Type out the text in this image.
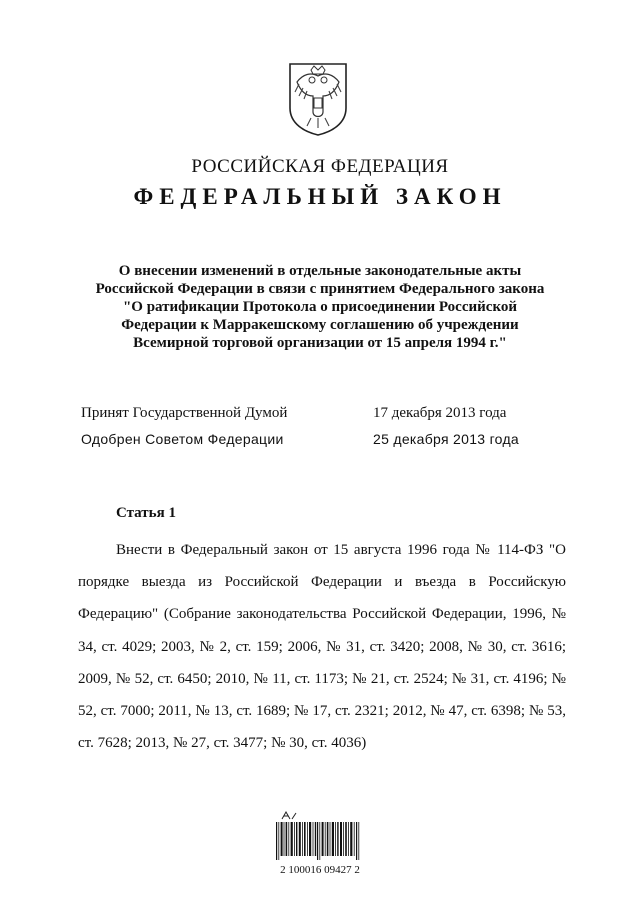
РОССИЙСКАЯ ФЕДЕРАЦИЯ
ФЕДЕРАЛЬНЫЙ ЗАКОН
О внесении изменений в отдельные законодательные акты
Российской Федерации в связи с принятием Федерального закона
"О ратификации Протокола о присоединении Российской
Федерации к Марракешскому соглашению об учреждении
Всемирной торговой организации от 15 апреля 1994 г."
Принят Государственной Думой	17 декабря 2013 года
Одобрен Советом Федерации	25 декабря 2013 года
Статья 1

Внести в Федеральный закон от 15 августа 1996 года № 114-ФЗ "О порядке выезда из Российской Федерации и въезда в Российскую Федерацию" (Собрание законодательства Российской Федерации, 1996, № 34, ст. 4029; 2003, № 2, ст. 159; 2006, № 31, ст. 3420; 2008, № 30, ст. 3616; 2009, № 52, ст. 6450; 2010, № 11, ст. 1173; № 21, ст. 2524; № 31, ст. 4196; № 52, ст. 7000; 2011, № 13, ст. 1689; № 17, ст. 2321; 2012, № 47, ст. 6398; № 53, ст. 7628; 2013, № 27, ст. 3477; № 30, ст. 4036)

2 100016 09427 2
